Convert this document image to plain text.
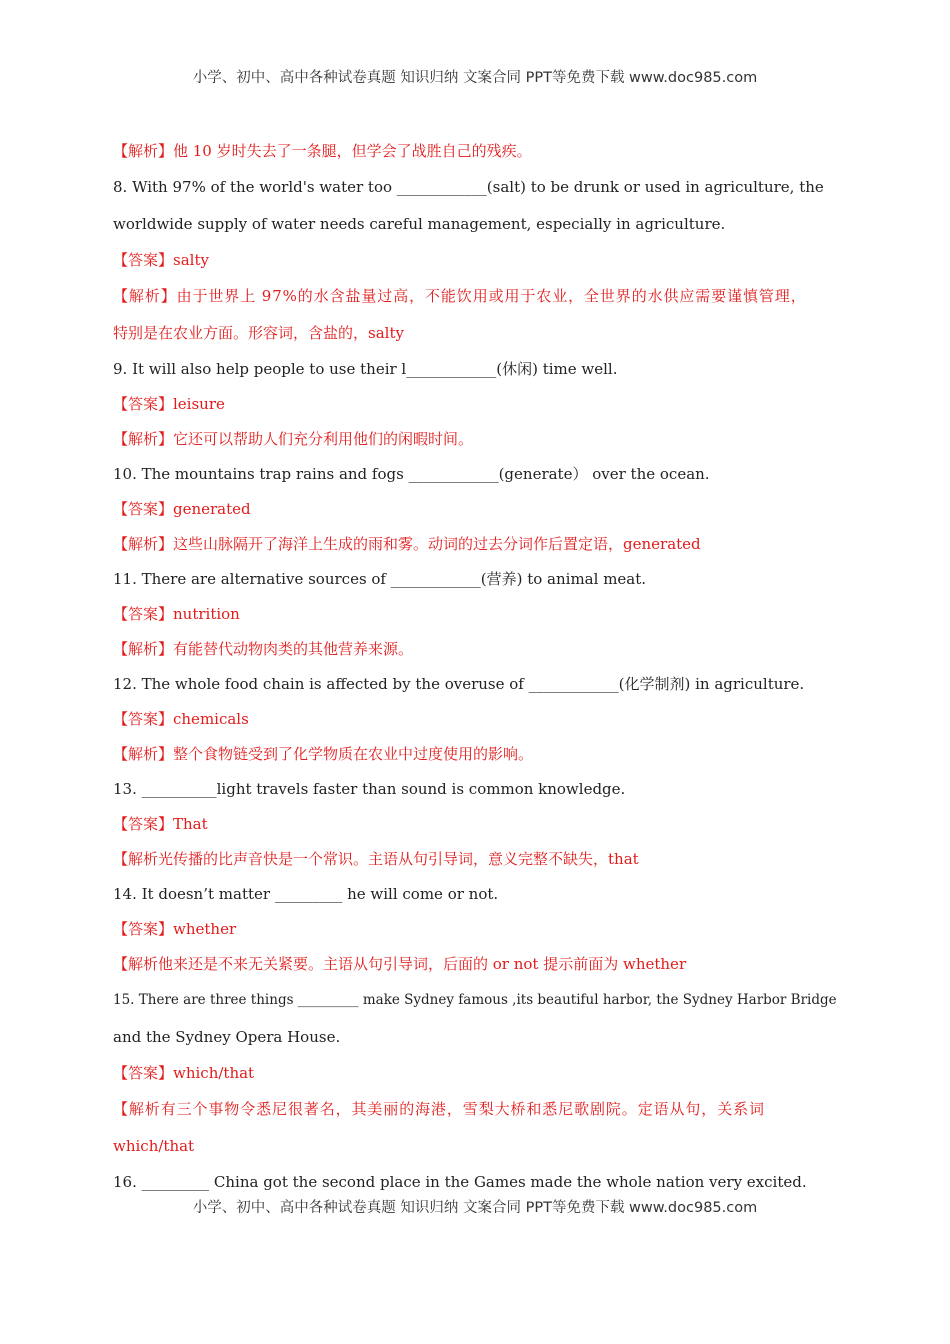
小学、初中、高中各种试卷真题 知识归纳 文案合同 PPT等免费下载 www.doc985.com
【解析】他 10 岁时失去了一条腿，但学会了战胜自己的残疾。
8. With 97% of the world's water too ____________(salt) to be drunk or used in agriculture, the
worldwide supply of water needs careful management, especially in agriculture.
【答案】salty
【解析】由于世界上 97%的水含盐量过高，不能饮用或用于农业，全世界的水供应需要谨慎管理，
特别是在农业方面。形容词，含盐的，salty
9. It will also help people to use their l____________(休闲) time well.
【答案】leisure
【解析】它还可以帮助人们充分利用他们的闲暇时间。
10. The mountains trap rains and fogs ____________(generate） over the ocean.
【答案】generated
【解析】这些山脉隔开了海洋上生成的雨和雾。动词的过去分词作后置定语，generated
11. There are alternative sources of ____________(营养) to animal meat.
【答案】nutrition
【解析】有能替代动物肉类的其他营养来源。
12. The whole food chain is affected by the overuse of ____________(化学制剂) in agriculture.
【答案】chemicals
【解析】整个食物链受到了化学物质在农业中过度使用的影响。
13. __________light travels faster than sound is common knowledge.
【答案】That
【解析光传播的比声音快是一个常识。主语从句引导词，意义完整不缺失，that
14. It doesn’t matter _________ he will come or not.
【答案】whether
【解析他来还是不来无关紧要。主语从句引导词，后面的 or not 提示前面为 whether
15. There are three things _________ make Sydney famous ,its beautiful harbor, the Sydney Harbor Bridge
and the Sydney Opera House.
【答案】which/that
【解析有三个事物令悉尼很著名，其美丽的海港，雪梨大桥和悉尼歌剧院。定语从句，关系词
which/that
16. _________ China got the second place in the Games made the whole nation very excited.
小学、初中、高中各种试卷真题 知识归纳 文案合同 PPT等免费下载 www.doc985.com
